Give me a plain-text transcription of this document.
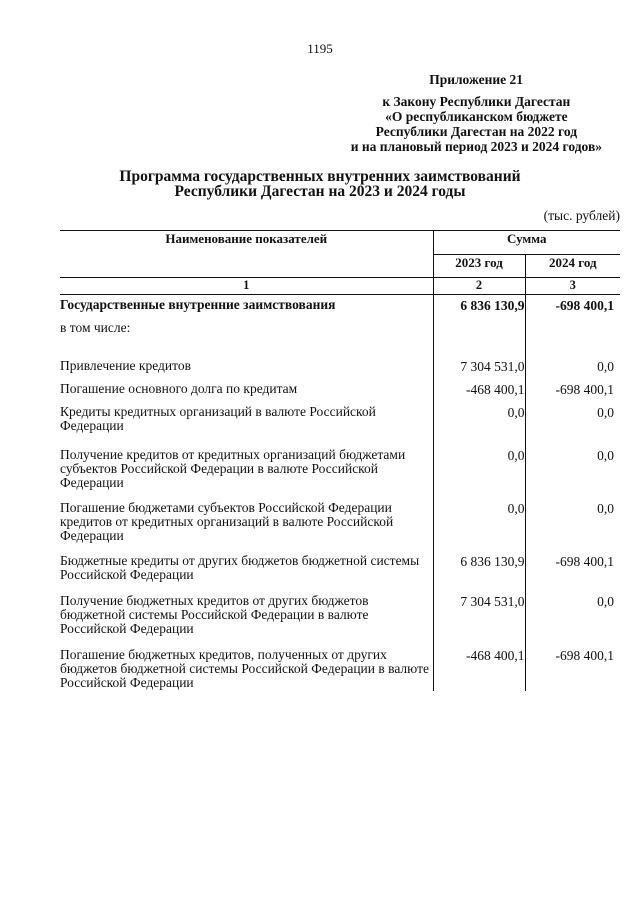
1195
Приложение 21
к Закону Республики Дагестан
«О республиканском бюджете
Республики Дагестан на 2022 год
и на плановый период 2023 и 2024 годов»
Программа государственных внутренних заимствований
Республики Дагестан на 2023 и 2024 годы
(тыс. рублей)
Наименование показателей	Сумма	
	2023 год	2024 год
1	2	3
Государственные внутренние заимствования	6 836 130,9	-698 400,1
в том числе:		
Привлечение кредитов	7 304 531,0	0,0
Погашение основного долга по кредитам	-468 400,1	-698 400,1
Кредиты кредитных организаций в валюте Российской Федерации	0,0	0,0
Получение кредитов от кредитных организаций бюджетами субъектов Российской Федерации в валюте Российской Федерации	0,0	0,0
Погашение бюджетами субъектов Российской Федерации кредитов от кредитных организаций в валюте Российской Федерации	0,0	0,0
Бюджетные кредиты от других бюджетов бюджетной системы Российской Федерации	6 836 130,9	-698 400,1
Получение бюджетных кредитов от других бюджетов бюджетной системы Российской Федерации в валюте Российской Федерации	7 304 531,0	0,0
Погашение бюджетных кредитов, полученных от других бюджетов бюджетной системы Российской Федерации в валюте Российской Федерации	-468 400,1	-698 400,1
